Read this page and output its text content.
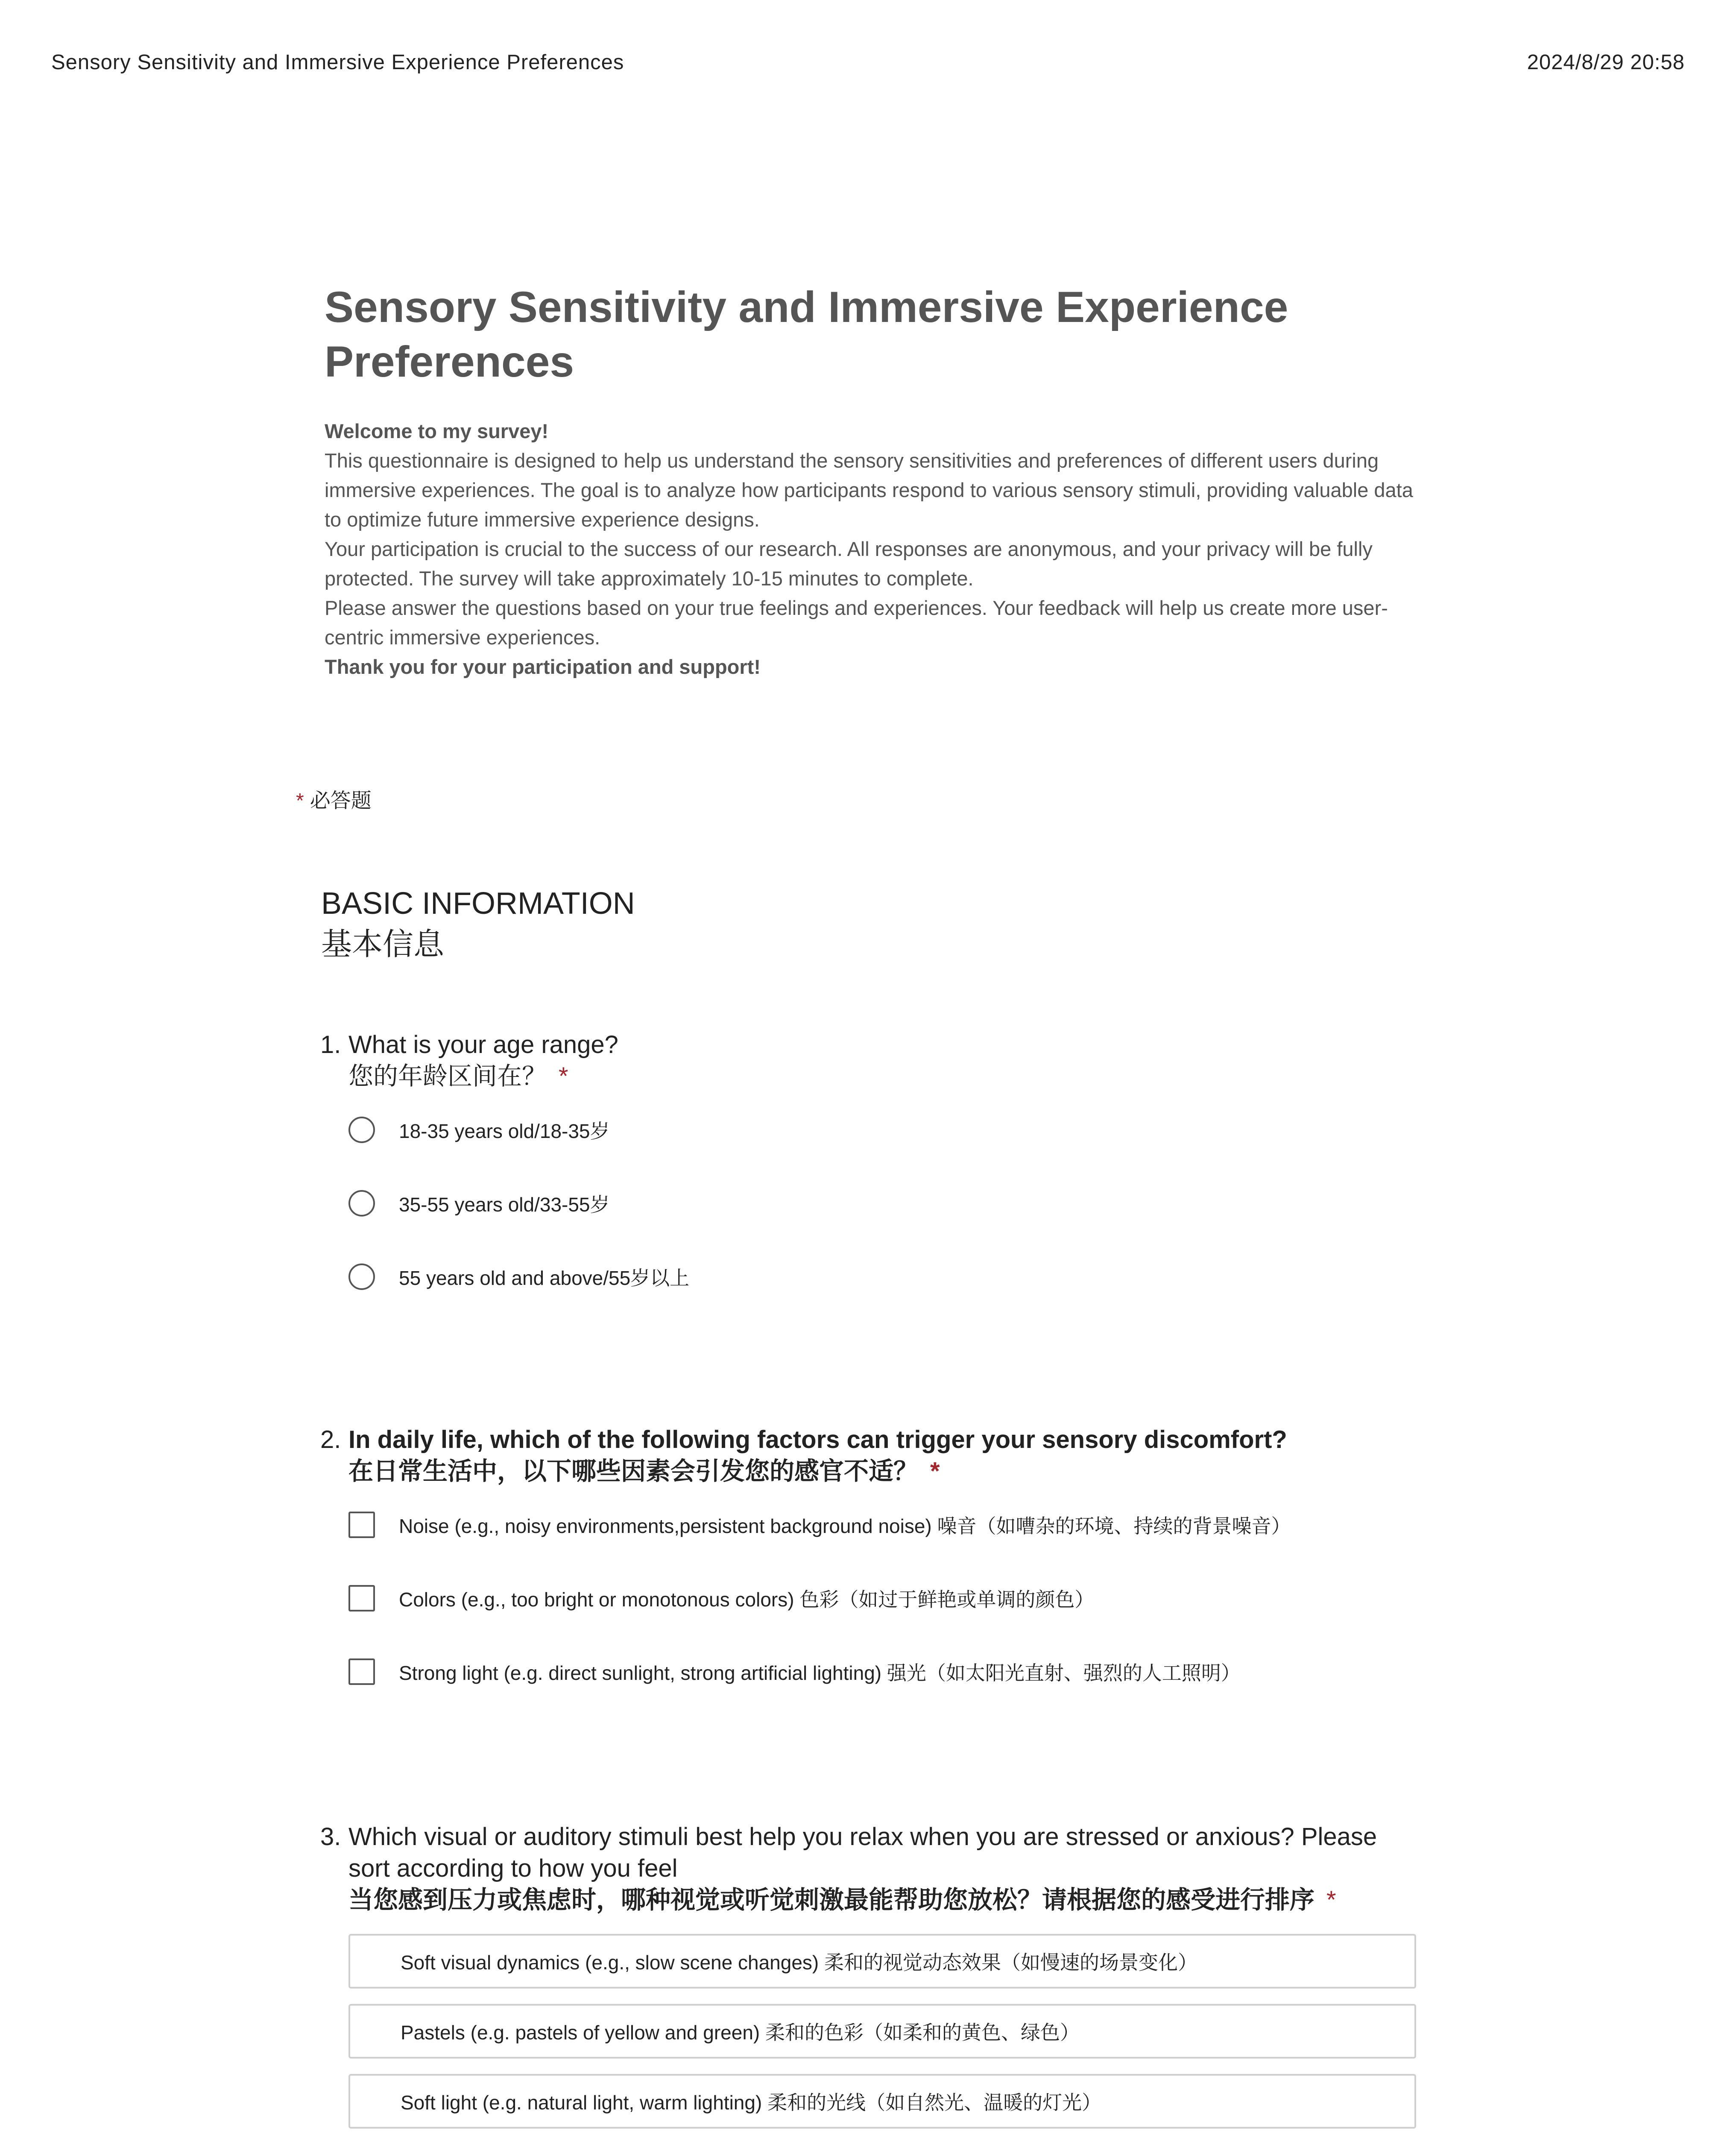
Sensory Sensitivity and Immersive Experience Preferences	2024/8/29 20:58
Sensory Sensitivity and Immersive Experience Preferences

Welcome to my survey!

This questionnaire is designed to help us understand the sensory sensitivities and preferences of different users during immersive experiences. The goal is to analyze how participants respond to various sensory stimuli, providing valuable data to optimize future immersive experience designs.

Your participation is crucial to the success of our research. All responses are anonymous, and your privacy will be fully protected. The survey will take approximately 10-15 minutes to complete.

Please answer the questions based on your true feelings and experiences. Your feedback will help us create more user-centric immersive experiences.

Thank you for your participation and support!

* 必答题
BASIC INFORMATION
基本信息
1. What is your age range?
您的年龄区间在？ *
18-35 years old/18-35岁
35-55 years old/33-55岁
55 years old and above/55岁以上
2. In daily life, which of the following factors can trigger your sensory discomfort?
在日常生活中，以下哪些因素会引发您的感官不适？ *
Noise (e.g., noisy environments,persistent background noise) 噪音（如嘈杂的环境、持续的背景噪音）
Colors (e.g., too bright or monotonous colors) 色彩（如过于鲜艳或单调的颜色）
Strong light (e.g. direct sunlight, strong artificial lighting) 强光（如太阳光直射、强烈的人工照明）
3. Which visual or auditory stimuli best help you relax when you are stressed or anxious? Please sort according to how you feel
当您感到压力或焦虑时，哪种视觉或听觉刺激最能帮助您放松？请根据您的感受进行排序 *
Soft visual dynamics (e.g., slow scene changes) 柔和的视觉动态效果（如慢速的场景变化）
Pastels (e.g. pastels of yellow and green) 柔和的色彩（如柔和的黄色、绿色）
Soft light (e.g. natural light, warm lighting) 柔和的光线（如自然光、温暖的灯光）
